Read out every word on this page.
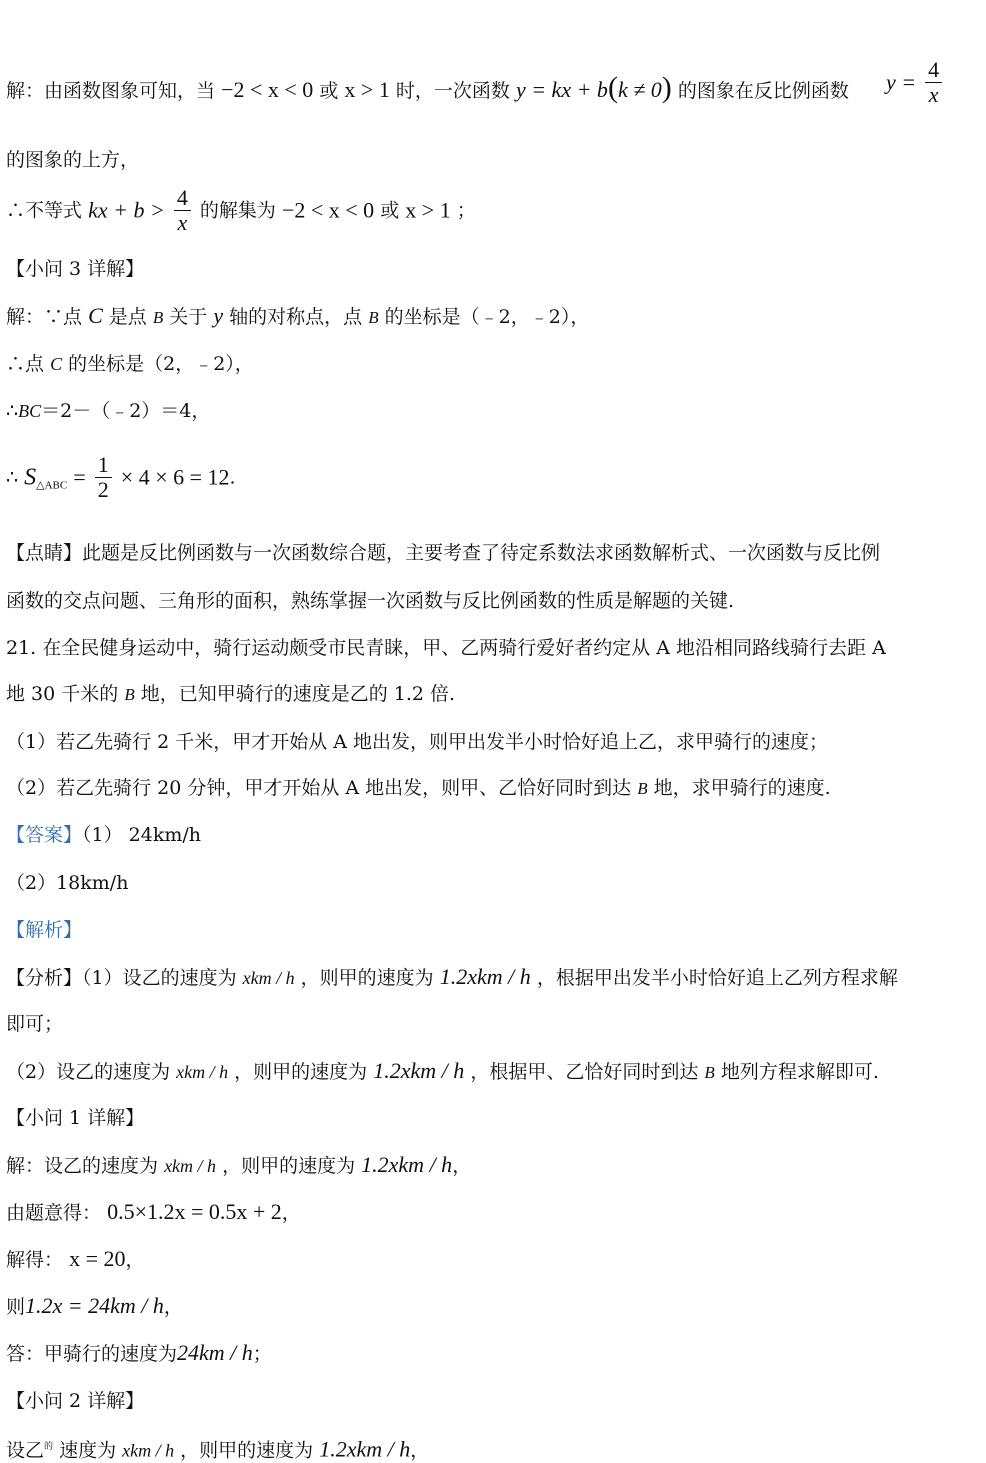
解：由函数图象可知，当 −2 < x < 0 或 x > 1 时，一次函数 y = kx + b(k ≠ 0) 的图象在反比例函数	$y = \frac{4}{x}$
的图象的上方，
∴不等式 kx + $b > \frac{4}{x}$ 的解集为 −2 < x < 0 或 x > 1 ；
【小问 3 详解】
解：∵点 C 是点 B 关于 y 轴的对称点，点 B 的坐标是（﹣2，﹣2），
∴点 C 的坐标是（2，﹣2），
∴BC＝2－（﹣2）＝4，
∴ $S_{\triangle ABC} = \frac{1}{2} \times 4 \times 6 = 12$.
【点睛】此题是反比例函数与一次函数综合题，主要考查了待定系数法求函数解析式、一次函数与反比例
函数的交点问题、三角形的面积，熟练掌握一次函数与反比例函数的性质是解题的关键.
21. 在全民健身运动中，骑行运动颇受市民青睐，甲、乙两骑行爱好者约定从 A 地沿相同路线骑行去距 A
地 30 千米的 B 地，已知甲骑行的速度是乙的 1.2 倍.
（1）若乙先骑行 2 千米，甲才开始从 A 地出发，则甲出发半小时恰好追上乙，求甲骑行的速度；
（2）若乙先骑行 20 分钟，甲才开始从 A 地出发，则甲、乙恰好同时到达 B 地，求甲骑行的速度.
【答案】（1） 24km/h
（2）18km/h
【解析】
【分析】（1）设乙的速度为 xkm / h ，则甲的速度为 1.2xkm / h ，根据甲出发半小时恰好追上乙列方程求解
即可；
（2）设乙的速度为 xkm / h ，则甲的速度为 1.2xkm / h ，根据甲、乙恰好同时到达 B 地列方程求解即可.
【小问 1 详解】
解：设乙的速度为 xkm / h ，则甲的速度为 1.2xkm / h，
由题意得： 0.5×1.2x = 0.5x + 2，
解得： x = 20，
则1.2x = 24km / h，
答：甲骑行的速度为24km / h；
【小问 2 详解】
设乙$^的$ 速度为 xkm / h ，则甲的速度为 1.2xkm / h，
